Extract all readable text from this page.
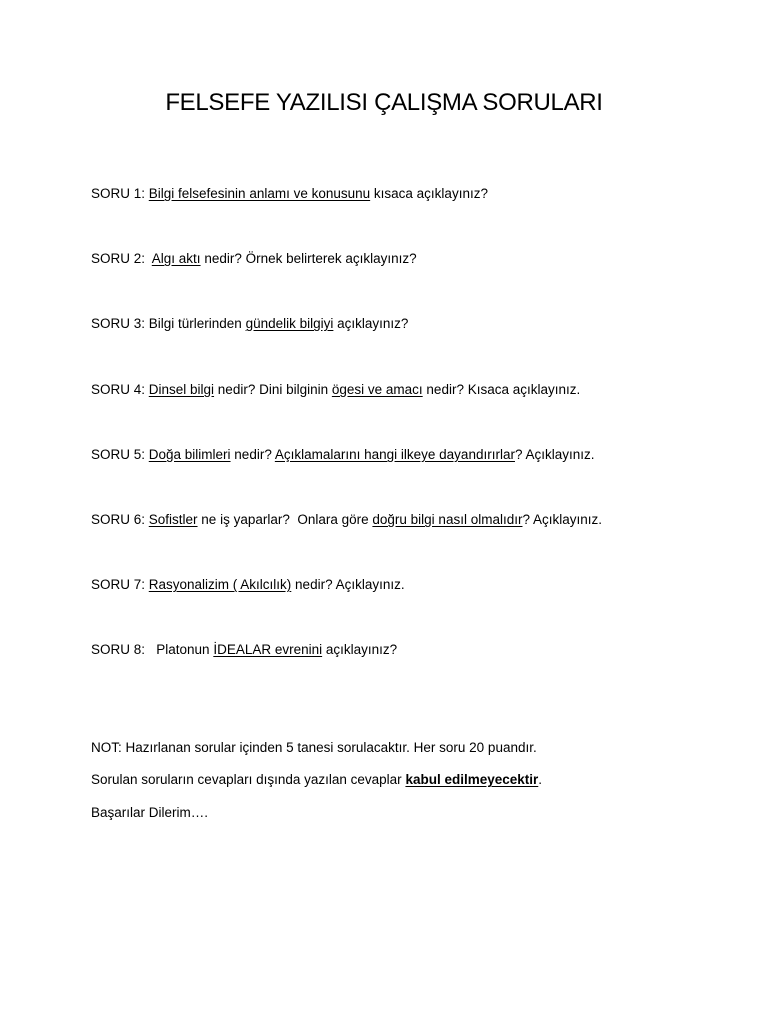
FELSEFE YAZILISI ÇALIŞMA SORULARI
SORU 1: Bilgi felsefesinin anlamı ve konusunu kısaca açıklayınız?
SORU 2:  Algı aktı nedir? Örnek belirterek açıklayınız?
SORU 3: Bilgi türlerinden gündelik bilgiyi açıklayınız?
SORU 4: Dinsel bilgi nedir? Dini bilginin ögesi ve amacı nedir? Kısaca açıklayınız.
SORU 5: Doğa bilimleri nedir? Açıklamalarını hangi ilkeye dayandırırlar? Açıklayınız.
SORU 6: Sofistler ne iş yaparlar?  Onlara göre doğru bilgi nasıl olmalıdır? Açıklayınız.
SORU 7: Rasyonalizim ( Akılcılık) nedir? Açıklayınız.
SORU 8:   Platonun İDEALAR evrenini açıklayınız?
NOT: Hazırlanan sorular içinden 5 tanesi sorulacaktır. Her soru 20 puandır.
Sorulan soruların cevapları dışında yazılan cevaplar kabul edilmeyecektir.
Başarılar Dilerim….
